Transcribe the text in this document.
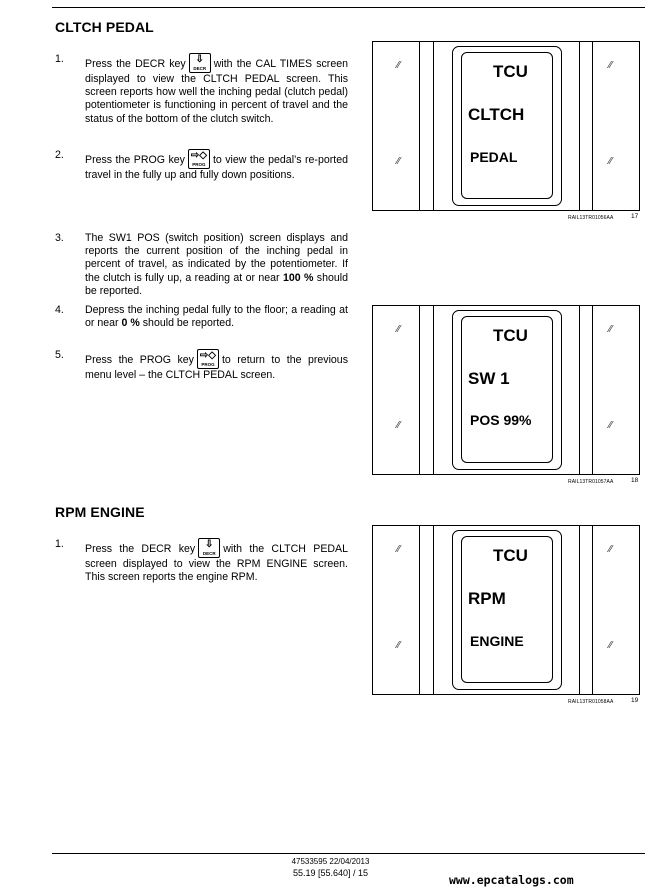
CLTCH PEDAL
1. Press the DECR key ⇩
DECR with the CAL TIMES screen displayed to view the CLTCH PEDAL screen. This screen reports how well the inching pedal (clutch pedal) potentiometer is functioning in percent of travel and the status of the bottom of the clutch switch.
2. Press the PROG key ⇨◇
PROG to view the pedal’s re-ported travel in the fully up and fully down positions.
3. The SW1 POS (switch position) screen displays and reports the current position of the inching pedal in percent of travel, as indicated by the potentiometer. If the clutch is fully up, a reading at or near 100 % should be reported.
4. Depress the inching pedal fully to the floor; a reading at or near 0 % should be reported.
5. Press the PROG key ⇨◇
PROG to return to the previous menu level – the CLTCH PEDAL screen.
RPM ENGINE
1. Press the DECR key ⇩
DECR with the CLTCH PEDAL screen displayed to view the RPM ENGINE screen. This screen reports the engine RPM.
⁄⁄	⁄⁄
⁄⁄	⁄⁄
TCU
CLTCH
PEDAL
RAIL13TR01056AA	17
⁄⁄	⁄⁄
⁄⁄	⁄⁄
TCU
SW 1
POS 99%
RAIL13TR01057AA	18
⁄⁄	⁄⁄
⁄⁄	⁄⁄
TCU
RPM
ENGINE
RAIL13TR01058AA	19
47533595 22/04/2013
55.19 [55.640] / 15	www.epcatalogs.com
